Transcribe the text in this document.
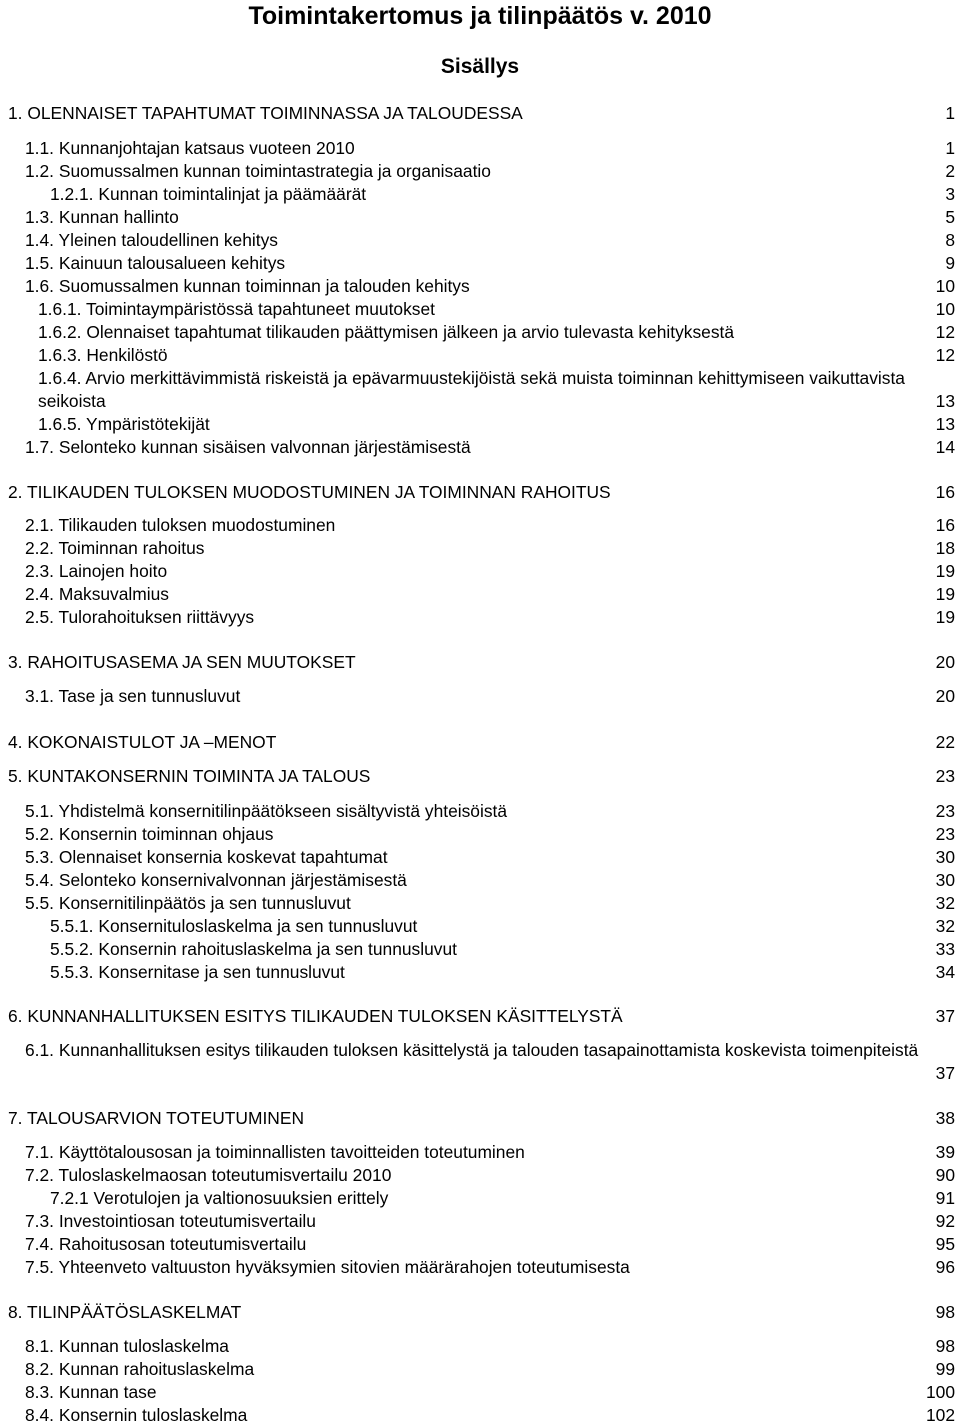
Toimintakertomus ja tilinpäätös v. 2010
Sisällys
1. OLENNAISET TAPAHTUMAT TOIMINNASSA JA TALOUDESSA	1
1.1. Kunnanjohtajan katsaus vuoteen 2010	1
1.2. Suomussalmen kunnan toimintastrategia ja organisaatio	2
1.2.1. Kunnan toimintalinjat ja päämäärät	3
1.3. Kunnan hallinto	5
1.4. Yleinen taloudellinen kehitys	8
1.5. Kainuun talousalueen kehitys	9
1.6. Suomussalmen kunnan toiminnan ja talouden kehitys	10
1.6.1. Toimintaympäristössä tapahtuneet muutokset	10
1.6.2. Olennaiset tapahtumat tilikauden päättymisen jälkeen ja arvio tulevasta kehityksestä	12
1.6.3. Henkilöstö	12
1.6.4. Arvio merkittävimmistä riskeistä ja epävarmuustekijöistä sekä muista toiminnan kehittymiseen vaikuttavista seikoista	13
1.6.5. Ympäristötekijät	13
1.7. Selonteko kunnan sisäisen valvonnan järjestämisestä	14
2. TILIKAUDEN TULOKSEN MUODOSTUMINEN JA TOIMINNAN RAHOITUS	16
2.1. Tilikauden tuloksen muodostuminen	16
2.2. Toiminnan rahoitus	18
2.3. Lainojen hoito	19
2.4. Maksuvalmius	19
2.5. Tulorahoituksen riittävyys	19
3. RAHOITUSASEMA JA SEN MUUTOKSET	20
3.1. Tase ja sen tunnusluvut	20
4. KOKONAISTULOT JA –MENOT	22
5. KUNTAKONSERNIN TOIMINTA JA TALOUS	23
5.1. Yhdistelmä konsernitilinpäätökseen sisältyvistä yhteisöistä	23
5.2. Konsernin toiminnan ohjaus	23
5.3. Olennaiset konsernia koskevat tapahtumat	30
5.4. Selonteko konsernivalvonnan järjestämisestä	30
5.5. Konsernitilinpäätös ja sen tunnusluvut	32
5.5.1. Konsernituloslaskelma ja sen tunnusluvut	32
5.5.2. Konsernin rahoituslaskelma ja sen tunnusluvut	33
5.5.3. Konsernitase ja sen tunnusluvut	34
6. KUNNANHALLITUKSEN ESITYS TILIKAUDEN TULOKSEN KÄSITTELYSTÄ	37
6.1. Kunnanhallituksen esitys tilikauden tuloksen käsittelystä ja talouden tasapainottamista koskevista toimenpiteistä
37
7. TALOUSARVION TOTEUTUMINEN	38
7.1. Käyttötalousosan ja toiminnallisten tavoitteiden toteutuminen	39
7.2. Tuloslaskelmaosan toteutumisvertailu 2010	90
7.2.1 Verotulojen ja valtionosuuksien erittely	91
7.3. Investointiosan toteutumisvertailu	92
7.4. Rahoitusosan toteutumisvertailu	95
7.5. Yhteenveto valtuuston hyväksymien sitovien määrärahojen toteutumisesta	96
8. TILINPÄÄTÖSLASKELMAT	98
8.1. Kunnan tuloslaskelma	98
8.2. Kunnan rahoituslaskelma	99
8.3. Kunnan tase	100
8.4. Konsernin tuloslaskelma	102
